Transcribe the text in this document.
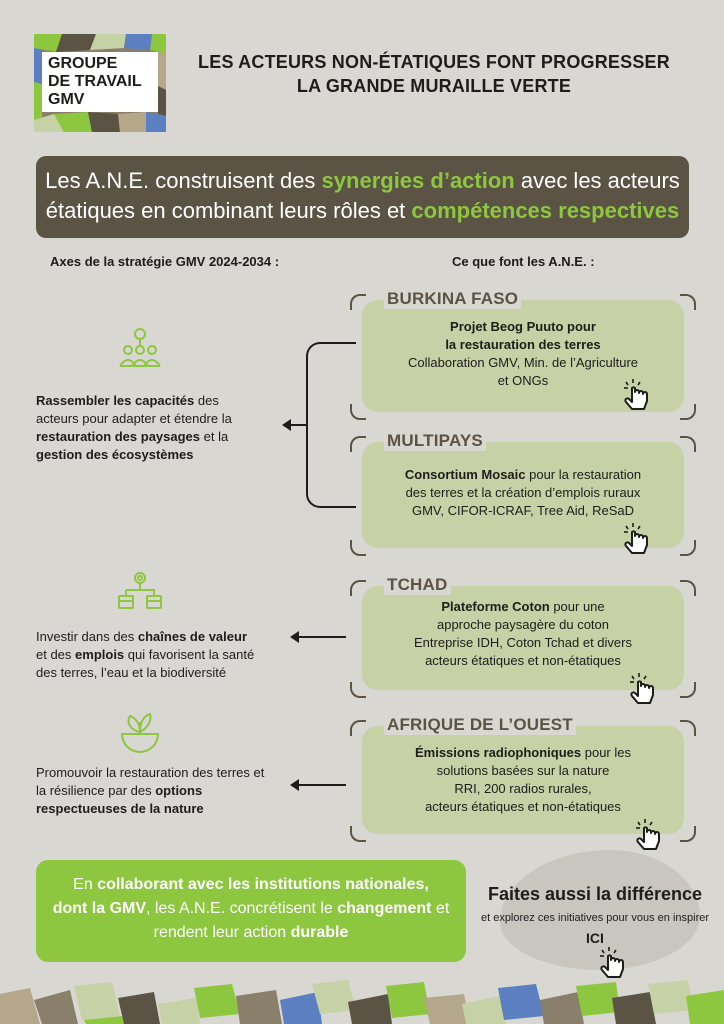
GROUPE
DE TRAVAIL
GMV
LES ACTEURS NON-ÉTATIQUES FONT PROGRESSER
LA GRANDE MURAILLE VERTE
Les A.N.E. construisent des synergies d’action avec les acteurs
étatiques en combinant leurs rôles et compétences respectives
Axes de la stratégie GMV 2024-2034 :	Ce que font les A.N.E. :
Rassembler les capacités des
acteurs pour adapter et étendre la
restauration des paysages et la
gestion des écosystèmes
Investir dans des chaînes de valeur
et des emplois qui favorisent la santé
des terres, l’eau et la biodiversité
Promouvoir la restauration des terres et
la résilience par des options
respectueuses de la nature
Projet Beog Puuto pour
la restauration des terres
Collaboration GMV, Min. de l’Agriculture
et ONGs
BURKINA FASO
Consortium Mosaic pour la restauration
des terres et la création d’emplois ruraux
GMV, CIFOR-ICRAF, Tree Aid, ReSaD
MULTIPAYS
Plateforme Coton pour une
approche paysagère du coton
Entreprise IDH, Coton Tchad et divers
acteurs étatiques et non-étatiques
TCHAD
Émissions radiophoniques pour les
solutions basées sur la nature
RRI, 200 radios rurales,
acteurs étatiques et non-étatiques
AFRIQUE DE L’OUEST
En collaborant avec les institutions nationales,
dont la GMV, les A.N.E. concrétisent le changement et
rendent leur action durable
Faites aussi la différence
et explorez ces initiatives pour vous en inspirer
ICI
